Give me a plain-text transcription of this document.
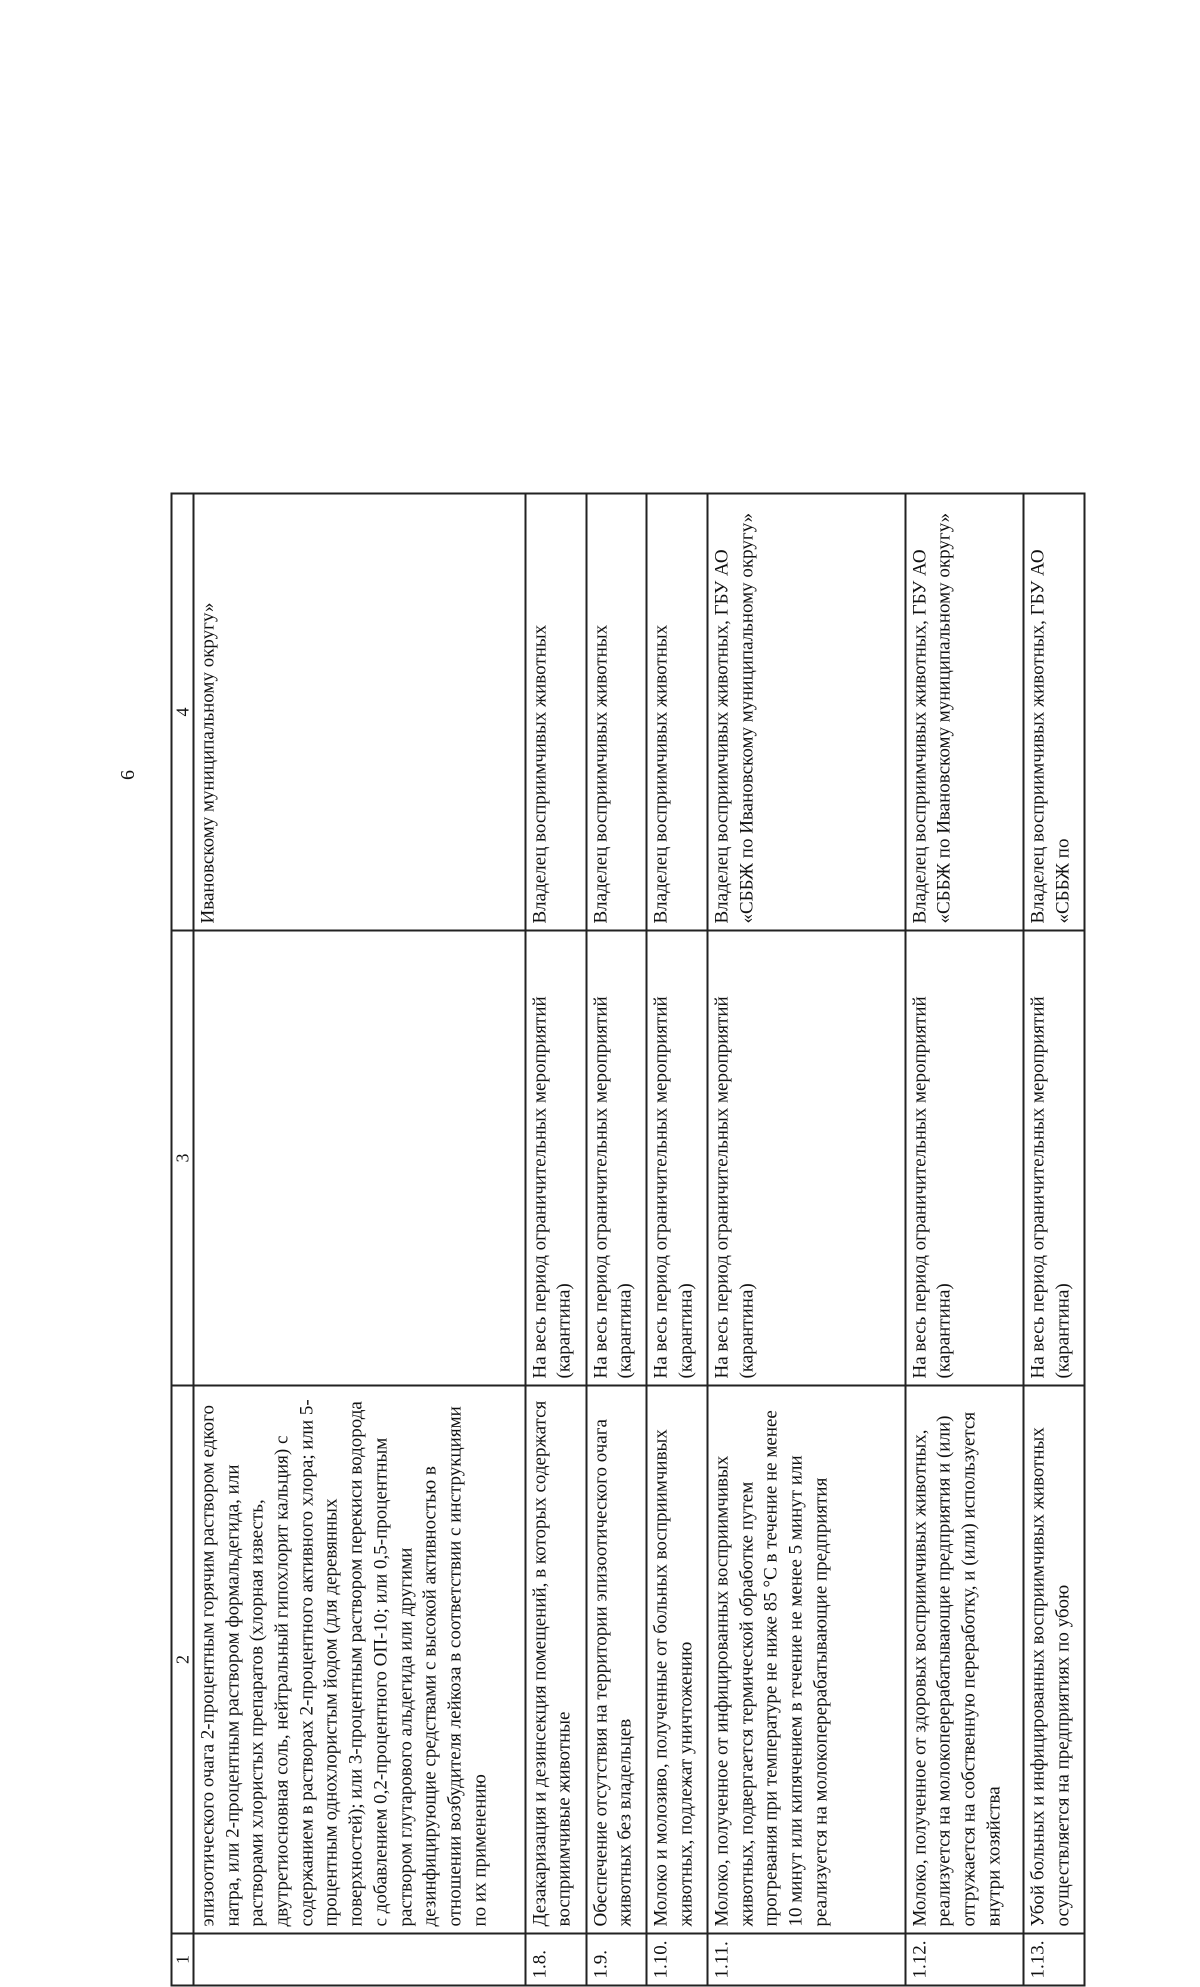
6
1	2	3	4
	эпизоотического очага 2-процентным горячим раствором едкого натра, или 2-процентным раствором формальдегида, или растворами хлористых препаратов (хлорная известь, двутретиосновная соль, нейтральный гипохлорит кальция) с содержанием в растворах 2-процентного активного хлора; или 5-процентным однохлористым йодом (для деревянных поверхностей); или 3-процентным раствором перекиси водорода с добавлением 0,2-процентного ОП-10; или 0,5-процентным раствором глутарового альдегида или другими дезинфицирующие средствами с высокой активностью в отношении возбудителя лейкоза в соответствии с инструкциями по их применению		Ивановскому муниципальному округу»
1.8.	Дезакаризация и дезинсекция помещений, в которых содержатся восприимчивые животные	На весь период ограничительных мероприятий (карантина)	Владелец восприимчивых животных
1.9.	Обеспечение отсутствия на территории эпизоотического очага животных без владельцев	На весь период ограничительных мероприятий (карантина)	Владелец восприимчивых животных
1.10.	Молоко и молозиво, полученные от больных восприимчивых животных, подлежат уничтожению	На весь период ограничительных мероприятий (карантина)	Владелец восприимчивых животных
1.11.	Молоко, полученное от инфицированных восприимчивых животных, подвергается термической обработке путем прогревания при температуре не ниже 85 °С в течение не менее 10 минут или кипячением в течение не менее 5 минут или реализуется на молокоперерабатывающие предприятия	На весь период ограничительных мероприятий (карантина)	Владелец восприимчивых животных, ГБУ АО «СББЖ по Ивановскому муниципальному округу»
1.12.	Молоко, полученное от здоровых восприимчивых животных, реализуется на молокоперерабатывающие предприятия и (или) отгружается на собственную переработку, и (или) используется внутри хозяйства	На весь период ограничительных мероприятий (карантина)	Владелец восприимчивых животных, ГБУ АО «СББЖ по Ивановскому муниципальному округу»
1.13.	Убой больных и инфицированных восприимчивых животных осуществляется на предприятиях по убою	На весь период ограничительных мероприятий (карантина)	Владелец восприимчивых животных, ГБУ АО «СББЖ по
